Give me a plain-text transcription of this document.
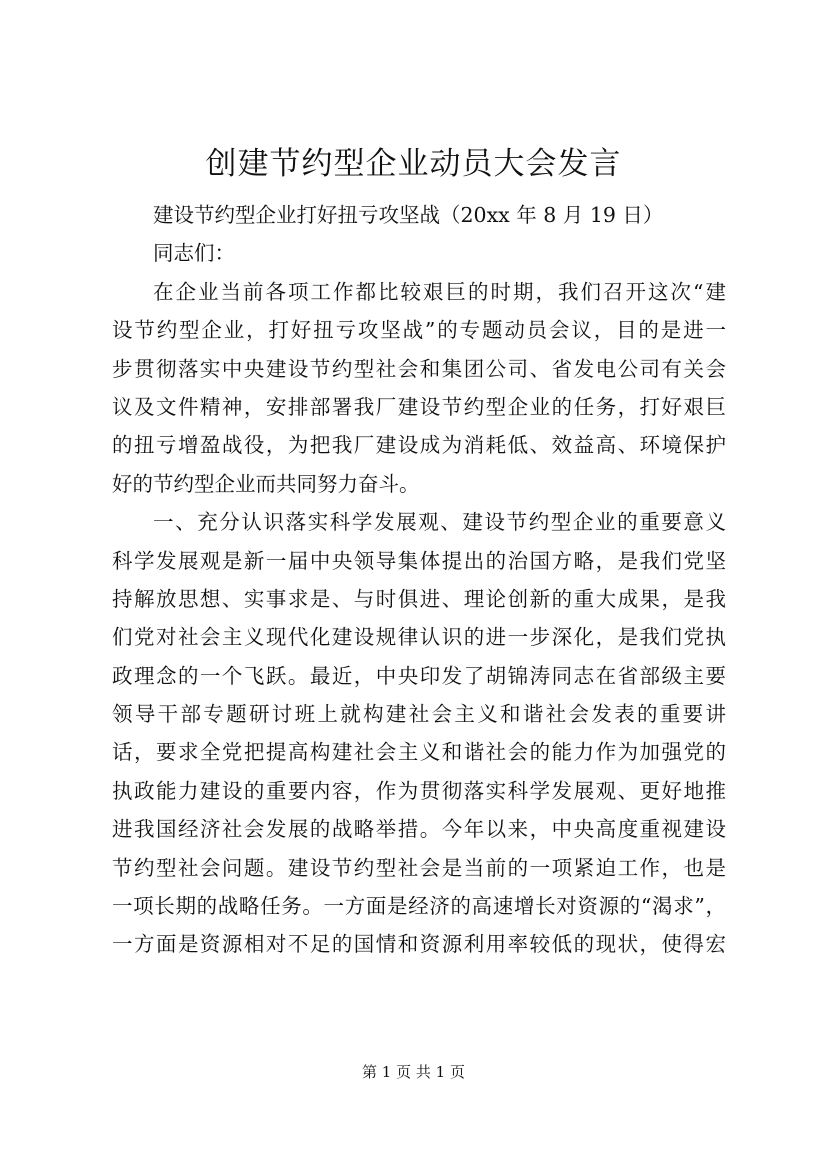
创建节约型企业动员大会发言
建设节约型企业打好扭亏攻坚战（20xx 年 8 月 19 日）
同志们：
在企业当前各项工作都比较艰巨的时期，我们召开这次“建
设节约型企业，打好扭亏攻坚战”的专题动员会议，目的是进一
步贯彻落实中央建设节约型社会和集团公司、省发电公司有关会
议及文件精神，安排部署我厂建设节约型企业的任务，打好艰巨
的扭亏增盈战役，为把我厂建设成为消耗低、效益高、环境保护
好的节约型企业而共同努力奋斗。
一、充分认识落实科学发展观、建设节约型企业的重要意义
科学发展观是新一届中央领导集体提出的治国方略，是我们党坚
持解放思想、实事求是、与时俱进、理论创新的重大成果，是我
们党对社会主义现代化建设规律认识的进一步深化，是我们党执
政理念的一个飞跃。最近，中央印发了胡锦涛同志在省部级主要
领导干部专题研讨班上就构建社会主义和谐社会发表的重要讲
话，要求全党把提高构建社会主义和谐社会的能力作为加强党的
执政能力建设的重要内容，作为贯彻落实科学发展观、更好地推
进我国经济社会发展的战略举措。今年以来，中央高度重视建设
节约型社会问题。建设节约型社会是当前的一项紧迫工作，也是
一项长期的战略任务。一方面是经济的高速增长对资源的“渴求”，
一方面是资源相对不足的国情和资源利用率较低的现状，使得宏
第 1 页 共 1 页
